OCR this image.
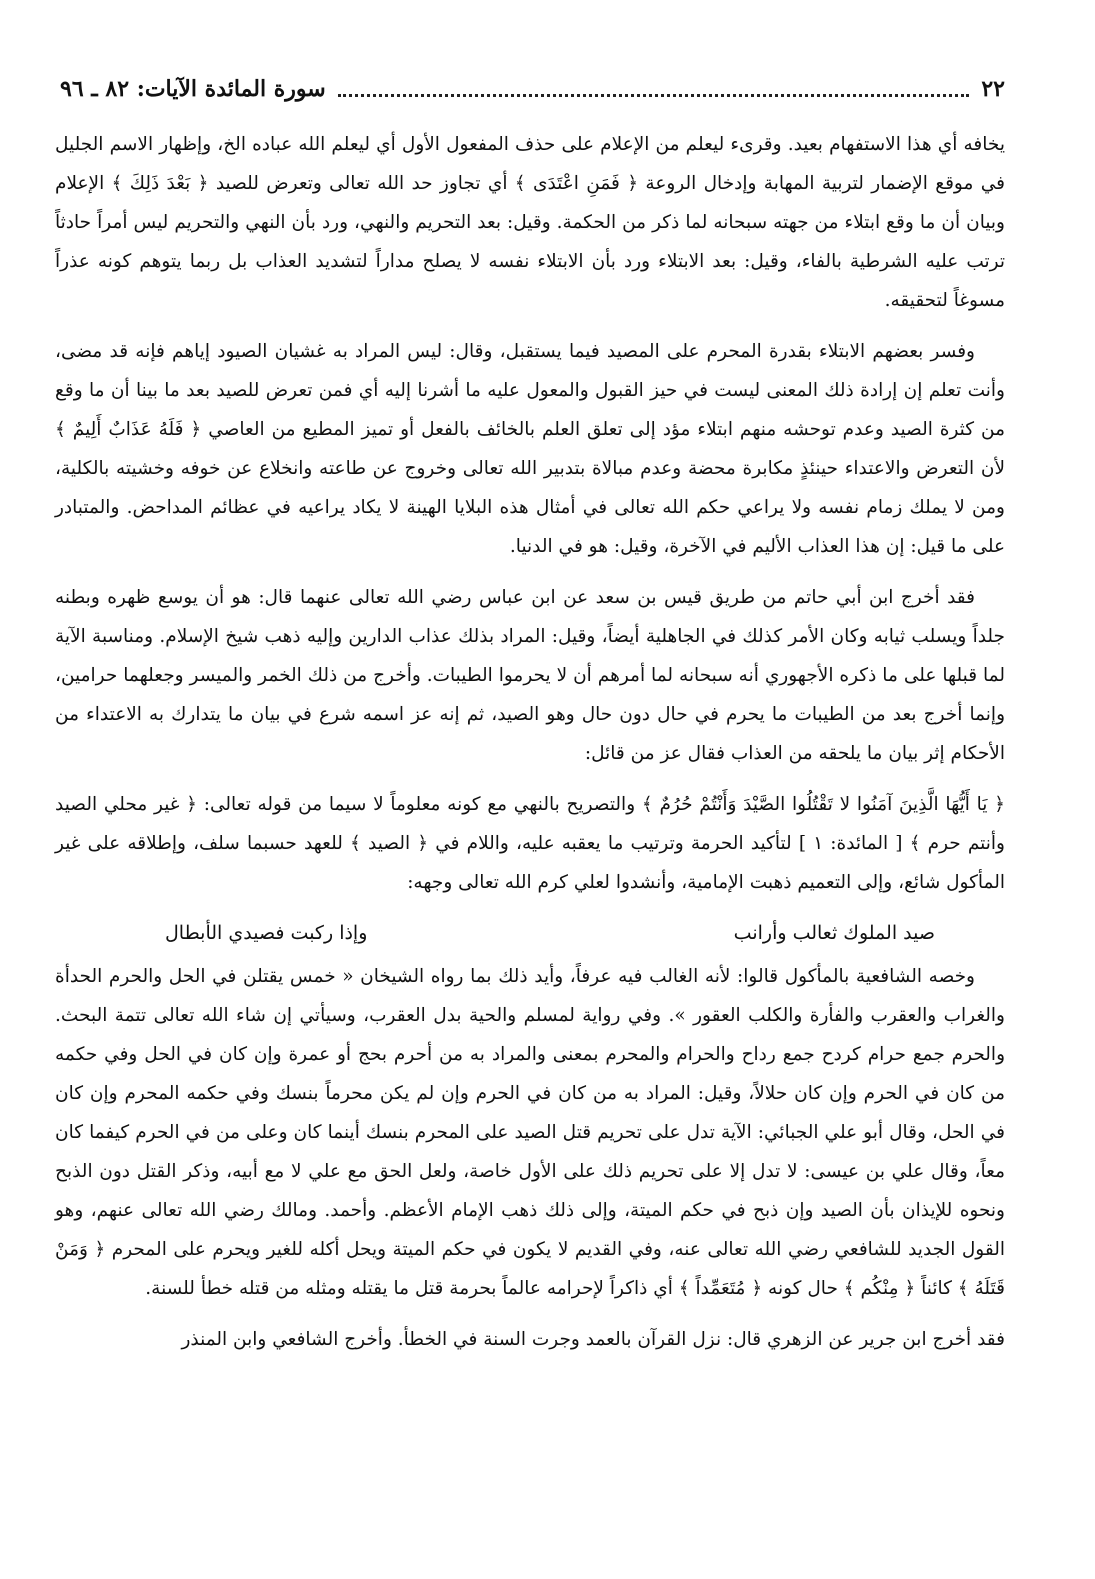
٢٢
سورة المائدة الآيات: ٨٢ ـ ٩٦

يخافه أي هذا الاستفهام بعيد. وقرىء ليعلم من الإعلام على حذف المفعول الأول أي ليعلم الله عباده الخ، وإظهار الاسم الجليل في موقع الإضمار لتربية المهابة وإدخال الروعة ﴿ فَمَنِ اعْتَدَى ﴾ أي تجاوز حد الله تعالى وتعرض للصيد ﴿ بَعْدَ ذَلِكَ ﴾ الإعلام وبيان أن ما وقع ابتلاء من جهته سبحانه لما ذكر من الحكمة. وقيل: بعد التحريم والنهي، ورد بأن النهي والتحريم ليس أمراً حادثاً ترتب عليه الشرطية بالفاء، وقيل: بعد الابتلاء ورد بأن الابتلاء نفسه لا يصلح مداراً لتشديد العذاب بل ربما يتوهم كونه عذراً مسوغاً لتحقيقه.

وفسر بعضهم الابتلاء بقدرة المحرم على المصيد فيما يستقبل، وقال: ليس المراد به غشيان الصيود إياهم فإنه قد مضى، وأنت تعلم إن إرادة ذلك المعنى ليست في حيز القبول والمعول عليه ما أشرنا إليه أي فمن تعرض للصيد بعد ما بينا أن ما وقع من كثرة الصيد وعدم توحشه منهم ابتلاء مؤد إلى تعلق العلم بالخائف بالفعل أو تميز المطيع من العاصي ﴿ فَلَهُ عَذَابٌ أَلِيمٌ ﴾ لأن التعرض والاعتداء حينئذٍ مكابرة محضة وعدم مبالاة بتدبير الله تعالى وخروج عن طاعته وانخلاع عن خوفه وخشيته بالكلية، ومن لا يملك زمام نفسه ولا يراعي حكم الله تعالى في أمثال هذه البلايا الهينة لا يكاد يراعيه في عظائم المداحض. والمتبادر على ما قيل: إن هذا العذاب الأليم في الآخرة، وقيل: هو في الدنيا.

فقد أخرج ابن أبي حاتم من طريق قيس بن سعد عن ابن عباس رضي الله تعالى عنهما قال: هو أن يوسع ظهره وبطنه جلداً ويسلب ثيابه وكان الأمر كذلك في الجاهلية أيضاً، وقيل: المراد بذلك عذاب الدارين وإليه ذهب شيخ الإسلام. ومناسبة الآية لما قبلها على ما ذكره الأجهوري أنه سبحانه لما أمرهم أن لا يحرموا الطيبات. وأخرج من ذلك الخمر والميسر وجعلهما حرامين، وإنما أخرج بعد من الطيبات ما يحرم في حال دون حال وهو الصيد، ثم إنه عز اسمه شرع في بيان ما يتدارك به الاعتداء من الأحكام إثر بيان ما يلحقه من العذاب فقال عز من قائل:

﴿ يَا أَيُّهَا الَّذِينَ آمَنُوا لا تَقْتُلُوا الصَّيْدَ وَأَنْتُمْ حُرُمٌ ﴾ والتصريح بالنهي مع كونه معلوماً لا سيما من قوله تعالى: ﴿ غير محلي الصيد وأنتم حرم ﴾ [ المائدة: ١ ] لتأكيد الحرمة وترتيب ما يعقبه عليه، واللام في ﴿ الصيد ﴾ للعهد حسبما سلف، وإطلاقه على غير المأكول شائع، وإلى التعميم ذهبت الإمامية، وأنشدوا لعلي كرم الله تعالى وجهه:

صيد الملوك ثعالب وأرانب
وإذا ركبت فصيدي الأبطال

وخصه الشافعية بالمأكول قالوا: لأنه الغالب فيه عرفاً، وأيد ذلك بما رواه الشيخان « خمس يقتلن في الحل والحرم الحدأة والغراب والعقرب والفأرة والكلب العقور ». وفي رواية لمسلم والحية بدل العقرب، وسيأتي إن شاء الله تعالى تتمة البحث. والحرم جمع حرام كردح جمع رداح والحرام والمحرم بمعنى والمراد به من أحرم بحج أو عمرة وإن كان في الحل وفي حكمه من كان في الحرم وإن كان حلالاً، وقيل: المراد به من كان في الحرم وإن لم يكن محرماً بنسك وفي حكمه المحرم وإن كان في الحل، وقال أبو علي الجبائي: الآية تدل على تحريم قتل الصيد على المحرم بنسك أينما كان وعلى من في الحرم كيفما كان معاً، وقال علي بن عيسى: لا تدل إلا على تحريم ذلك على الأول خاصة، ولعل الحق مع علي لا مع أبيه، وذكر القتل دون الذبح ونحوه للإيذان بأن الصيد وإن ذبح في حكم الميتة، وإلى ذلك ذهب الإمام الأعظم. وأحمد. ومالك رضي الله تعالى عنهم، وهو القول الجديد للشافعي رضي الله تعالى عنه، وفي القديم لا يكون في حكم الميتة ويحل أكله للغير ويحرم على المحرم ﴿ وَمَنْ قَتَلَهُ ﴾ كائناً ﴿ مِنْكُم ﴾ حال كونه ﴿ مُتَعَمِّداً ﴾ أي ذاكراً لإحرامه عالماً بحرمة قتل ما يقتله ومثله من قتله خطأ للسنة.

فقد أخرج ابن جرير عن الزهري قال: نزل القرآن بالعمد وجرت السنة في الخطأ. وأخرج الشافعي وابن المنذر
